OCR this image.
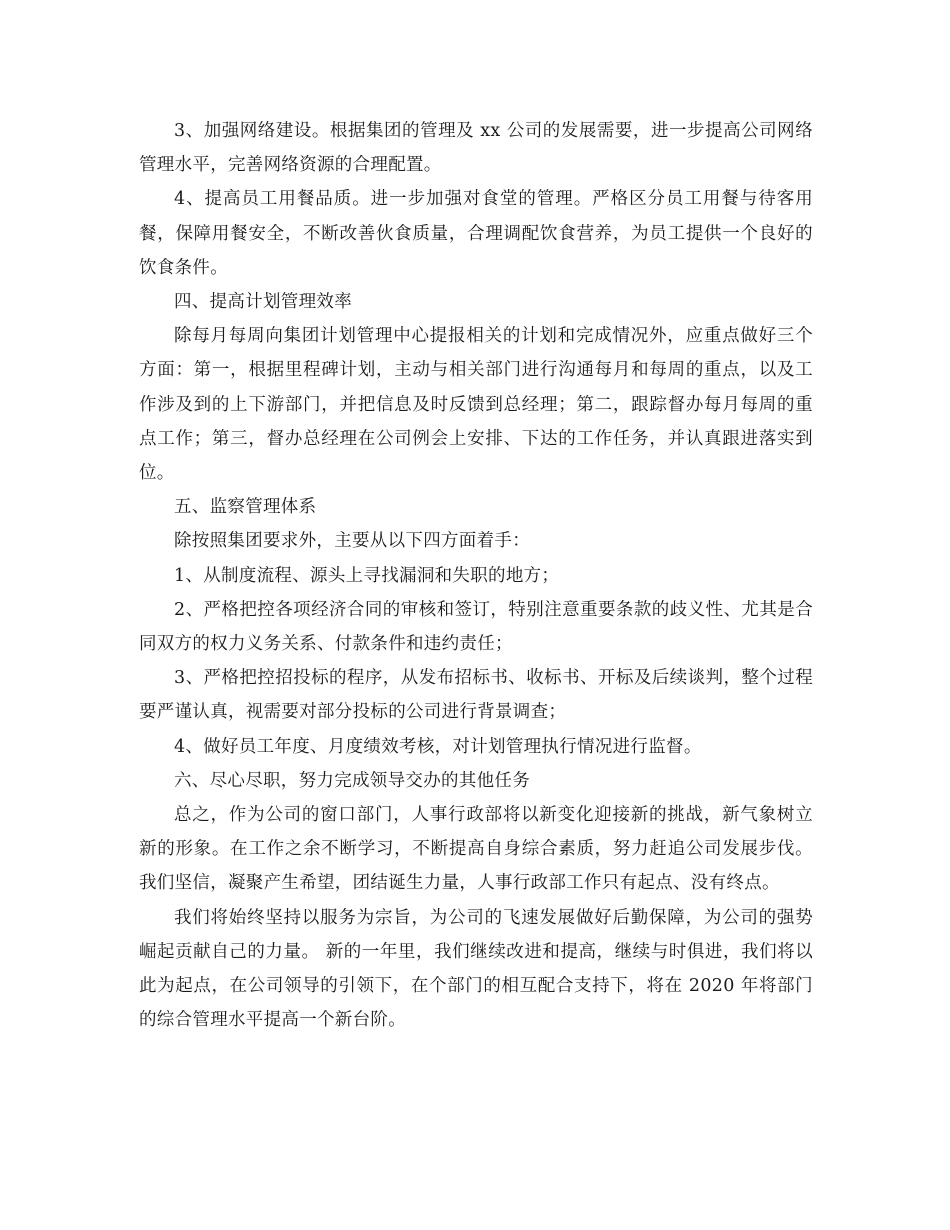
3、加强网络建设。根据集团的管理及 xx 公司的发展需要，进一步提高公司网络管理水平，完善网络资源的合理配置。

4、提高员工用餐品质。进一步加强对食堂的管理。严格区分员工用餐与待客用餐，保障用餐安全，不断改善伙食质量，合理调配饮食营养，为员工提供一个良好的饮食条件。

四、提高计划管理效率

除每月每周向集团计划管理中心提报相关的计划和完成情况外，应重点做好三个方面：第一，根据里程碑计划，主动与相关部门进行沟通每月和每周的重点，以及工作涉及到的上下游部门，并把信息及时反馈到总经理；第二，跟踪督办每月每周的重点工作；第三，督办总经理在公司例会上安排、下达的工作任务，并认真跟进落实到位。

五、监察管理体系

除按照集团要求外，主要从以下四方面着手：

1、从制度流程、源头上寻找漏洞和失职的地方；

2、严格把控各项经济合同的审核和签订，特别注意重要条款的歧义性、尤其是合同双方的权力义务关系、付款条件和违约责任；

3、严格把控招投标的程序，从发布招标书、收标书、开标及后续谈判，整个过程要严谨认真，视需要对部分投标的公司进行背景调查；

4、做好员工年度、月度绩效考核，对计划管理执行情况进行监督。

六、尽心尽职，努力完成领导交办的其他任务

总之，作为公司的窗口部门，人事行政部将以新变化迎接新的挑战，新气象树立新的形象。在工作之余不断学习，不断提高自身综合素质，努力赶追公司发展步伐。我们坚信，凝聚产生希望，团结诞生力量，人事行政部工作只有起点、没有终点。

我们将始终坚持以服务为宗旨，为公司的飞速发展做好后勤保障，为公司的强势崛起贡献自己的力量。 新的一年里，我们继续改进和提高，继续与时俱进，我们将以此为起点，在公司领导的引领下，在个部门的相互配合支持下，将在 2020 年将部门的综合管理水平提高一个新台阶。
